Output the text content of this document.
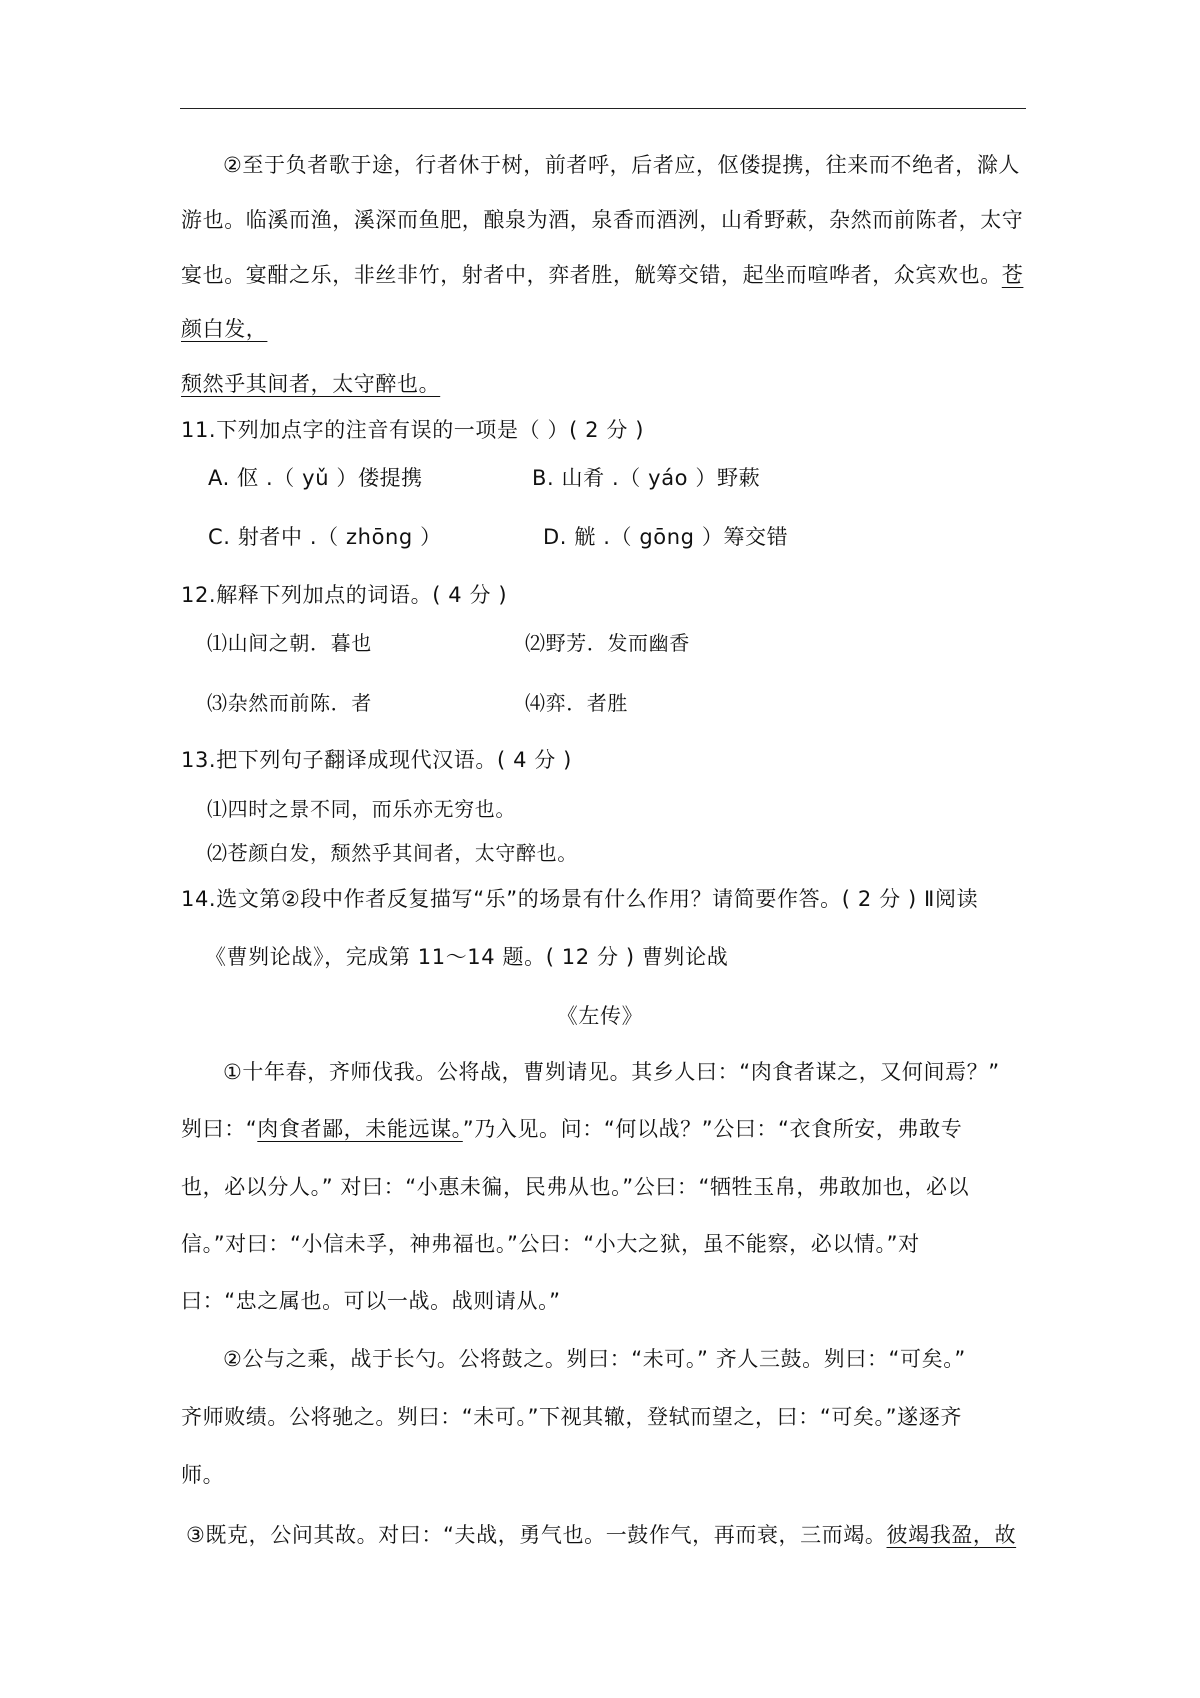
②至于负者歌于途，行者休于树，前者呼，后者应，伛偻提携，往来而不绝者，滁人
游也。临溪而渔，溪深而鱼肥，酿泉为酒，泉香而酒洌，山肴野蔌，杂然而前陈者，太守
宴也。宴酣之乐，非丝非竹，射者中，弈者胜，觥筹交错，起坐而喧哗者，众宾欢也。苍
颜白发，
颓然乎其间者，太守醉也。
11.下列加点字的注音有误的一项是（ ）( 2 分 )
A. 伛 .（ yǔ ）偻提携	B. 山肴 .（ yáo ）野蔌
C. 射者中 .（ zhōng ）	D. 觥 .（ gōng ）筹交错
12.解释下列加点的词语。( 4 分 )
⑴山间之朝．暮也	⑵野芳．发而幽香
⑶杂然而前陈．者	⑷弈．者胜
13.把下列句子翻译成现代汉语。( 4 分 )
⑴四时之景不同，而乐亦无穷也。
⑵苍颜白发，颓然乎其间者，太守醉也。
14.选文第②段中作者反复描写“乐”的场景有什么作用？请简要作答。( 2 分 ) Ⅱ阅读
《曹刿论战》，完成第 11～14 题。( 12 分 ) 曹刿论战
《左传》
①十年春，齐师伐我。公将战，曹刿请见。其乡人曰：“肉食者谋之，又何间焉？”
刿曰：“肉食者鄙，未能远谋。”乃入见。问：“何以战？”公曰：“衣食所安，弗敢专
也，必以分人。” 对曰：“小惠未徧，民弗从也。”公曰：“牺牲玉帛，弗敢加也，必以
信。”对曰：“小信未孚，神弗福也。”公曰：“小大之狱，虽不能察，必以情。”对
曰：“忠之属也。可以一战。战则请从。”
②公与之乘，战于长勺。公将鼓之。刿曰：“未可。” 齐人三鼓。刿曰：“可矣。”
齐师败绩。公将驰之。刿曰：“未可。”下视其辙，登轼而望之，曰：“可矣。”遂逐齐
师。
③既克，公问其故。对曰：“夫战，勇气也。一鼓作气，再而衰，三而竭。彼竭我盈，故
